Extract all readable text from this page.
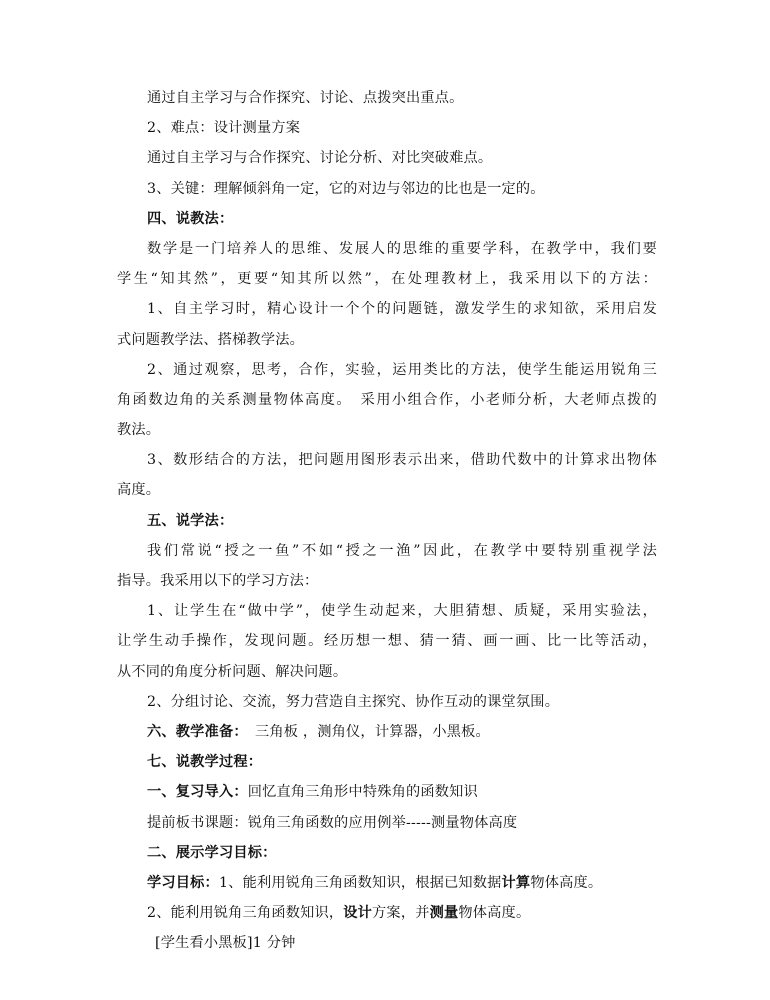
通过自主学习与合作探究、讨论、点拨突出重点。
2、难点：设计测量方案
通过自主学习与合作探究、讨论分析、对比突破难点。
3、关键：理解倾斜角一定，它的对边与邻边的比也是一定的。
四、说教法：
数学是一门培养人的思维、发展人的思维的重要学科，在教学中，我们要
学生“知其然”，更要“知其所以然”，在处理教材上，我采用以下的方法：
1、自主学习时，精心设计一个个的问题链，激发学生的求知欲，采用启发
式问题教学法、搭梯教学法。
2、通过观察，思考，合作，实验，运用类比的方法，使学生能运用锐角三
角函数边角的关系测量物体高度。　采用小组合作，小老师分析，大老师点拨的
教法。
3、数形结合的方法，把问题用图形表示出来，借助代数中的计算求出物体
高度。
五、说学法：
我们常说“授之一鱼”不如“授之一渔”因此，在教学中要特别重视学法
指导。我采用以下的学习方法：
1、让学生在“做中学”，使学生动起来，大胆猜想、质疑，采用实验法，
让学生动手操作，发现问题。经历想一想、猜一猜、画一画、比一比等活动，
从不同的角度分析问题、解决问题。
2、分组讨论、交流，努力营造自主探究、协作互动的课堂氛围。
六、教学准备：　三角板 ，测角仪，计算器，小黑板。
七、说教学过程：
一、复习导入：回忆直角三角形中特殊角的函数知识
提前板书课题：锐角三角函数的应用例举-----测量物体高度
二、展示学习目标：
学习目标：1、能利用锐角三角函数知识，根据已知数据计算物体高度。
2、能利用锐角三角函数知识，设计方案，并测量物体高度。
[学生看小黑板]1 分钟
